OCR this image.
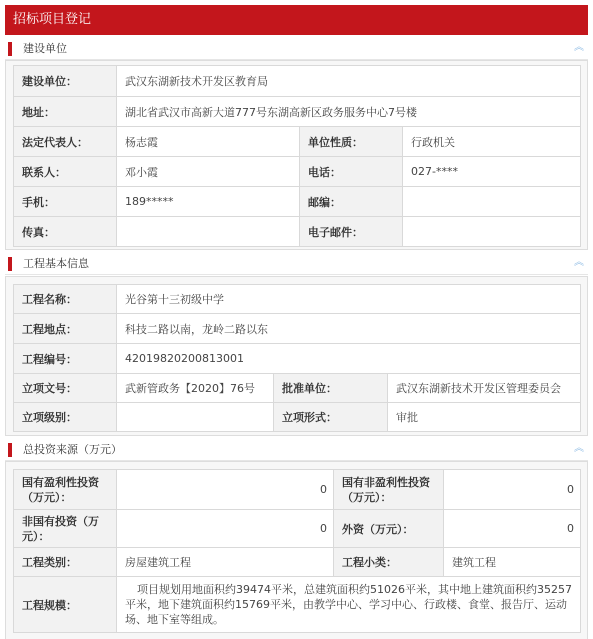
招标项目登记
建设单位	︽
建设单位：	武汉东湖新技术开发区教育局		
地址：	湖北省武汉市高新大道777号东湖高新区政务服务中心7号楼		
法定代表人：	杨志霞	单位性质：	行政机关
联系人：	邓小霞	电话：	027-****
手机：	189*****	邮编：	
传真：		电子邮件：	
工程基本信息	︽
工程名称：	光谷第十三初级中学		
工程地点：	科技二路以南，龙岭二路以东		
工程编号：	42019820200813001		
立项文号：	武新管政务【2020】76号	批准单位：	武汉东湖新技术开发区管理委员会
立项级别：		立项形式：	审批
总投资来源（万元）	︽
国有盈利性投资（万元）：	0	国有非盈利性投资（万元）：	0
非国有投资（万元）：	0	外资（万元）：	0
工程类别：	房屋建筑工程	工程小类：	建筑工程
工程规模：	项目规划用地面积约39474平米，总建筑面积约51026平米，其中地上建筑面积约35257平米，地下建筑面积约15769平米，由教学中心、学习中心、行政楼、食堂、报告厅、运动场、地下室等组成。		
